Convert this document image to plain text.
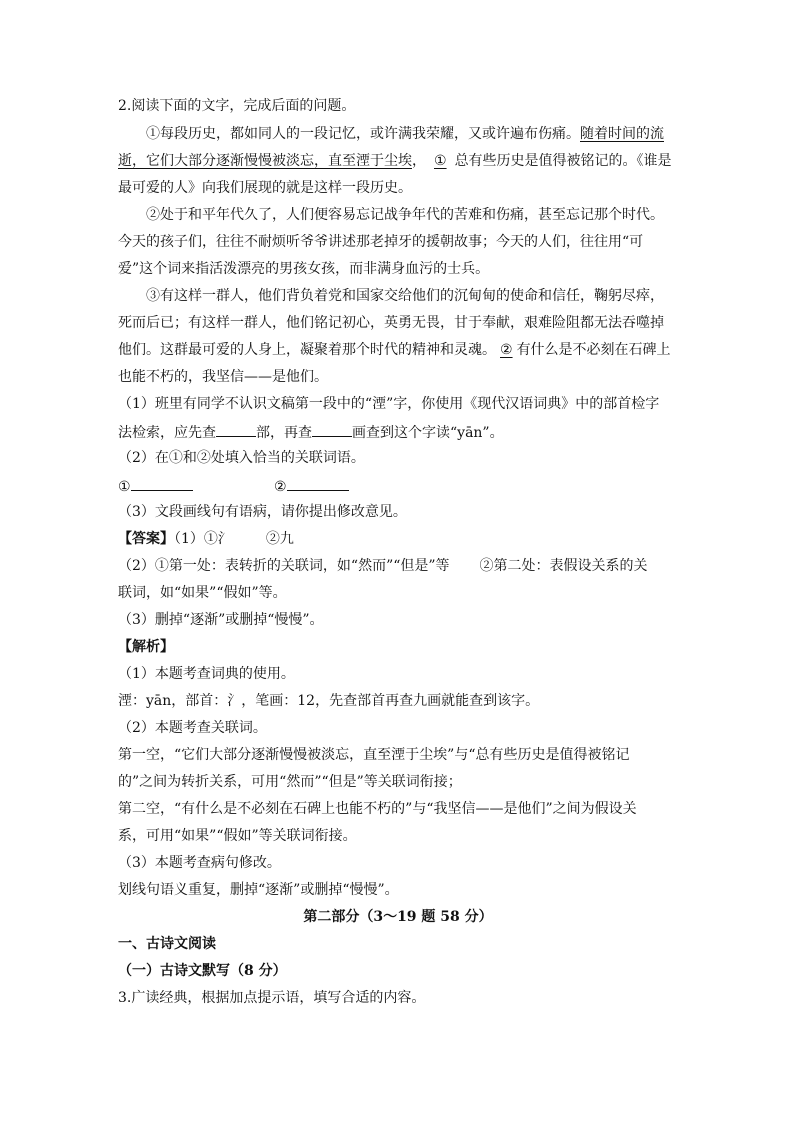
2.阅读下面的文字，完成后面的问题。
①每段历史，都如同人的一段记忆，或许满我荣耀，又或许遍布伤痛。随着时间的流
逝，它们大部分逐渐慢慢被淡忘，直至湮于尘埃， ① 总有些历史是值得被铭记的。《谁是
最可爱的人》向我们展现的就是这样一段历史。
②处于和平年代久了，人们便容易忘记战争年代的苦难和伤痛，甚至忘记那个时代。
今天的孩子们，往往不耐烦听爷爷讲述那老掉牙的援朝故事；今天的人们，往往用“可
爱”这个词来指活泼漂亮的男孩女孩，而非满身血污的士兵。
③有这样一群人，他们背负着党和国家交给他们的沉甸甸的使命和信任，鞠躬尽瘁，
死而后已；有这样一群人，他们铭记初心，英勇无畏，甘于奉献，艰难险阻都无法吞噬掉
他们。这群最可爱的人身上，凝聚着那个时代的精神和灵魂。 ② 有什么是不必刻在石碑上
也能不朽的，我坚信——是他们。
（1）班里有同学不认识文稿第一段中的“湮”字，你使用《现代汉语词典》中的部首检字
法检索，应先查	部，再查	画查到这个字读“yān”。
（2）在①和②处填入恰当的关联词语。
①	②
（3）文段画线句有语病，请你提出修改意见。
【答案】（1）①氵 ②九
（2）①第一处：表转折的关联词，如“然而”“但是”等 ②第二处：表假设关系的关
联词，如“如果”“假如”等。
（3）删掉“逐渐”或删掉“慢慢”。
【解析】
（1）本题考查词典的使用。
湮：yān，部首：氵，笔画：12，先查部首再查九画就能查到该字。
（2）本题考查关联词。
第一空，“它们大部分逐渐慢慢被淡忘，直至湮于尘埃”与“总有些历史是值得被铭记
的”之间为转折关系，可用“然而”“但是”等关联词衔接；
第二空，“有什么是不必刻在石碑上也能不朽的”与“我坚信——是他们”之间为假设关
系，可用“如果”“假如”等关联词衔接。
（3）本题考查病句修改。
划线句语义重复，删掉“逐渐”或删掉“慢慢”。
第二部分（3～19 题 58 分）
一、古诗文阅读
（一）古诗文默写（8 分）
3.广读经典，根据加点提示语，填写合适的内容。
